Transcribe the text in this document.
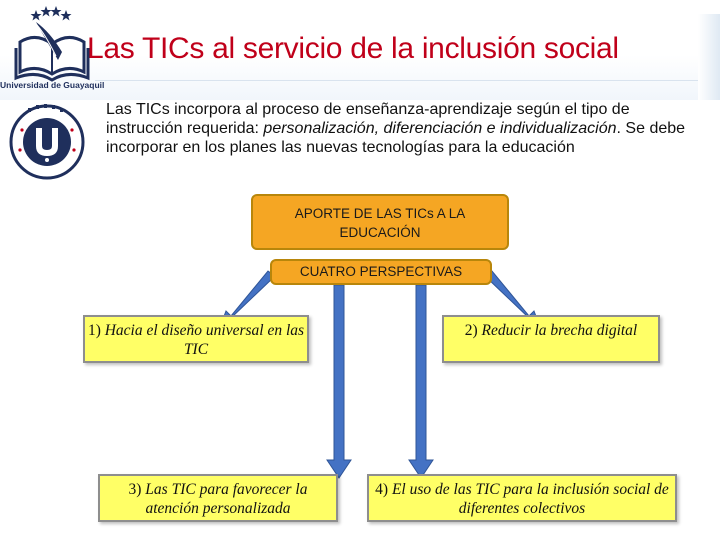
Universidad de Guayaquil
Las TICs al servicio de la inclusión social
Las TICs incorpora al proceso de enseñanza-aprendizaje según el tipo de instrucción requerida: personalización, diferenciación e individualización. Se debe incorporar en los planes las nuevas tecnologías para la educación
APORTE DE LAS TICs A LA EDUCACIÓN
CUATRO PERSPECTIVAS
1) Hacia el diseño universal en las TIC
2) Reducir la brecha digital
3) Las TIC para favorecer la atención personalizada
4) El uso de las TIC para la inclusión social de diferentes colectivos
